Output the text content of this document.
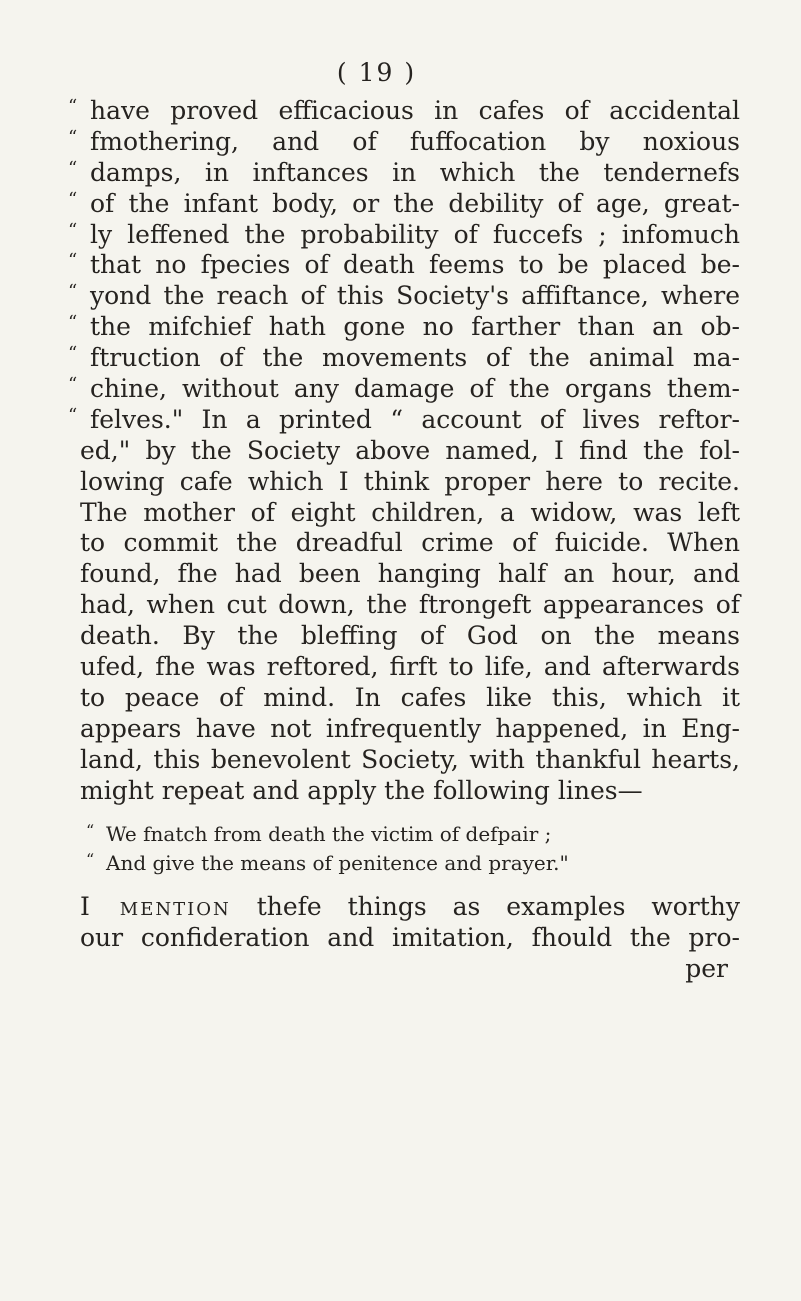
( 19 )
“ have proved efficacious in cafes of accidental
“ fmothering, and of fuffocation by noxious
“ damps, in inftances in which the tendernefs
“ of the infant body, or the debility of age, great-
“ ly leffened the probability of fuccefs ; infomuch
“ that no fpecies of death feems to be placed be-
“ yond the reach of this Society's affiftance, where
“ the mifchief hath gone no farther than an ob-
“ ftruction of the movements of the animal ma-
“ chine, without any damage of the organs them-
“ felves." In a printed “ account of lives reftor-
ed," by the Society above named, I find the fol-
lowing cafe which I think proper here to recite.
The mother of eight children, a widow, was left
to commit the dreadful crime of fuicide. When
found, fhe had been hanging half an hour, and
had, when cut down, the ftrongeft appearances of
death. By the bleffing of God on the means
ufed, fhe was reftored, firft to life, and afterwards
to peace of mind. In cafes like this, which it
appears have not infrequently happened, in Eng-
land, this benevolent Society, with thankful hearts,
might repeat and apply the following lines—
“ We fnatch from death the victim of defpair ;
“ And give the means of penitence and prayer."
I mention thefe things as examples worthy
our confideration and imitation, fhould the pro-
per
